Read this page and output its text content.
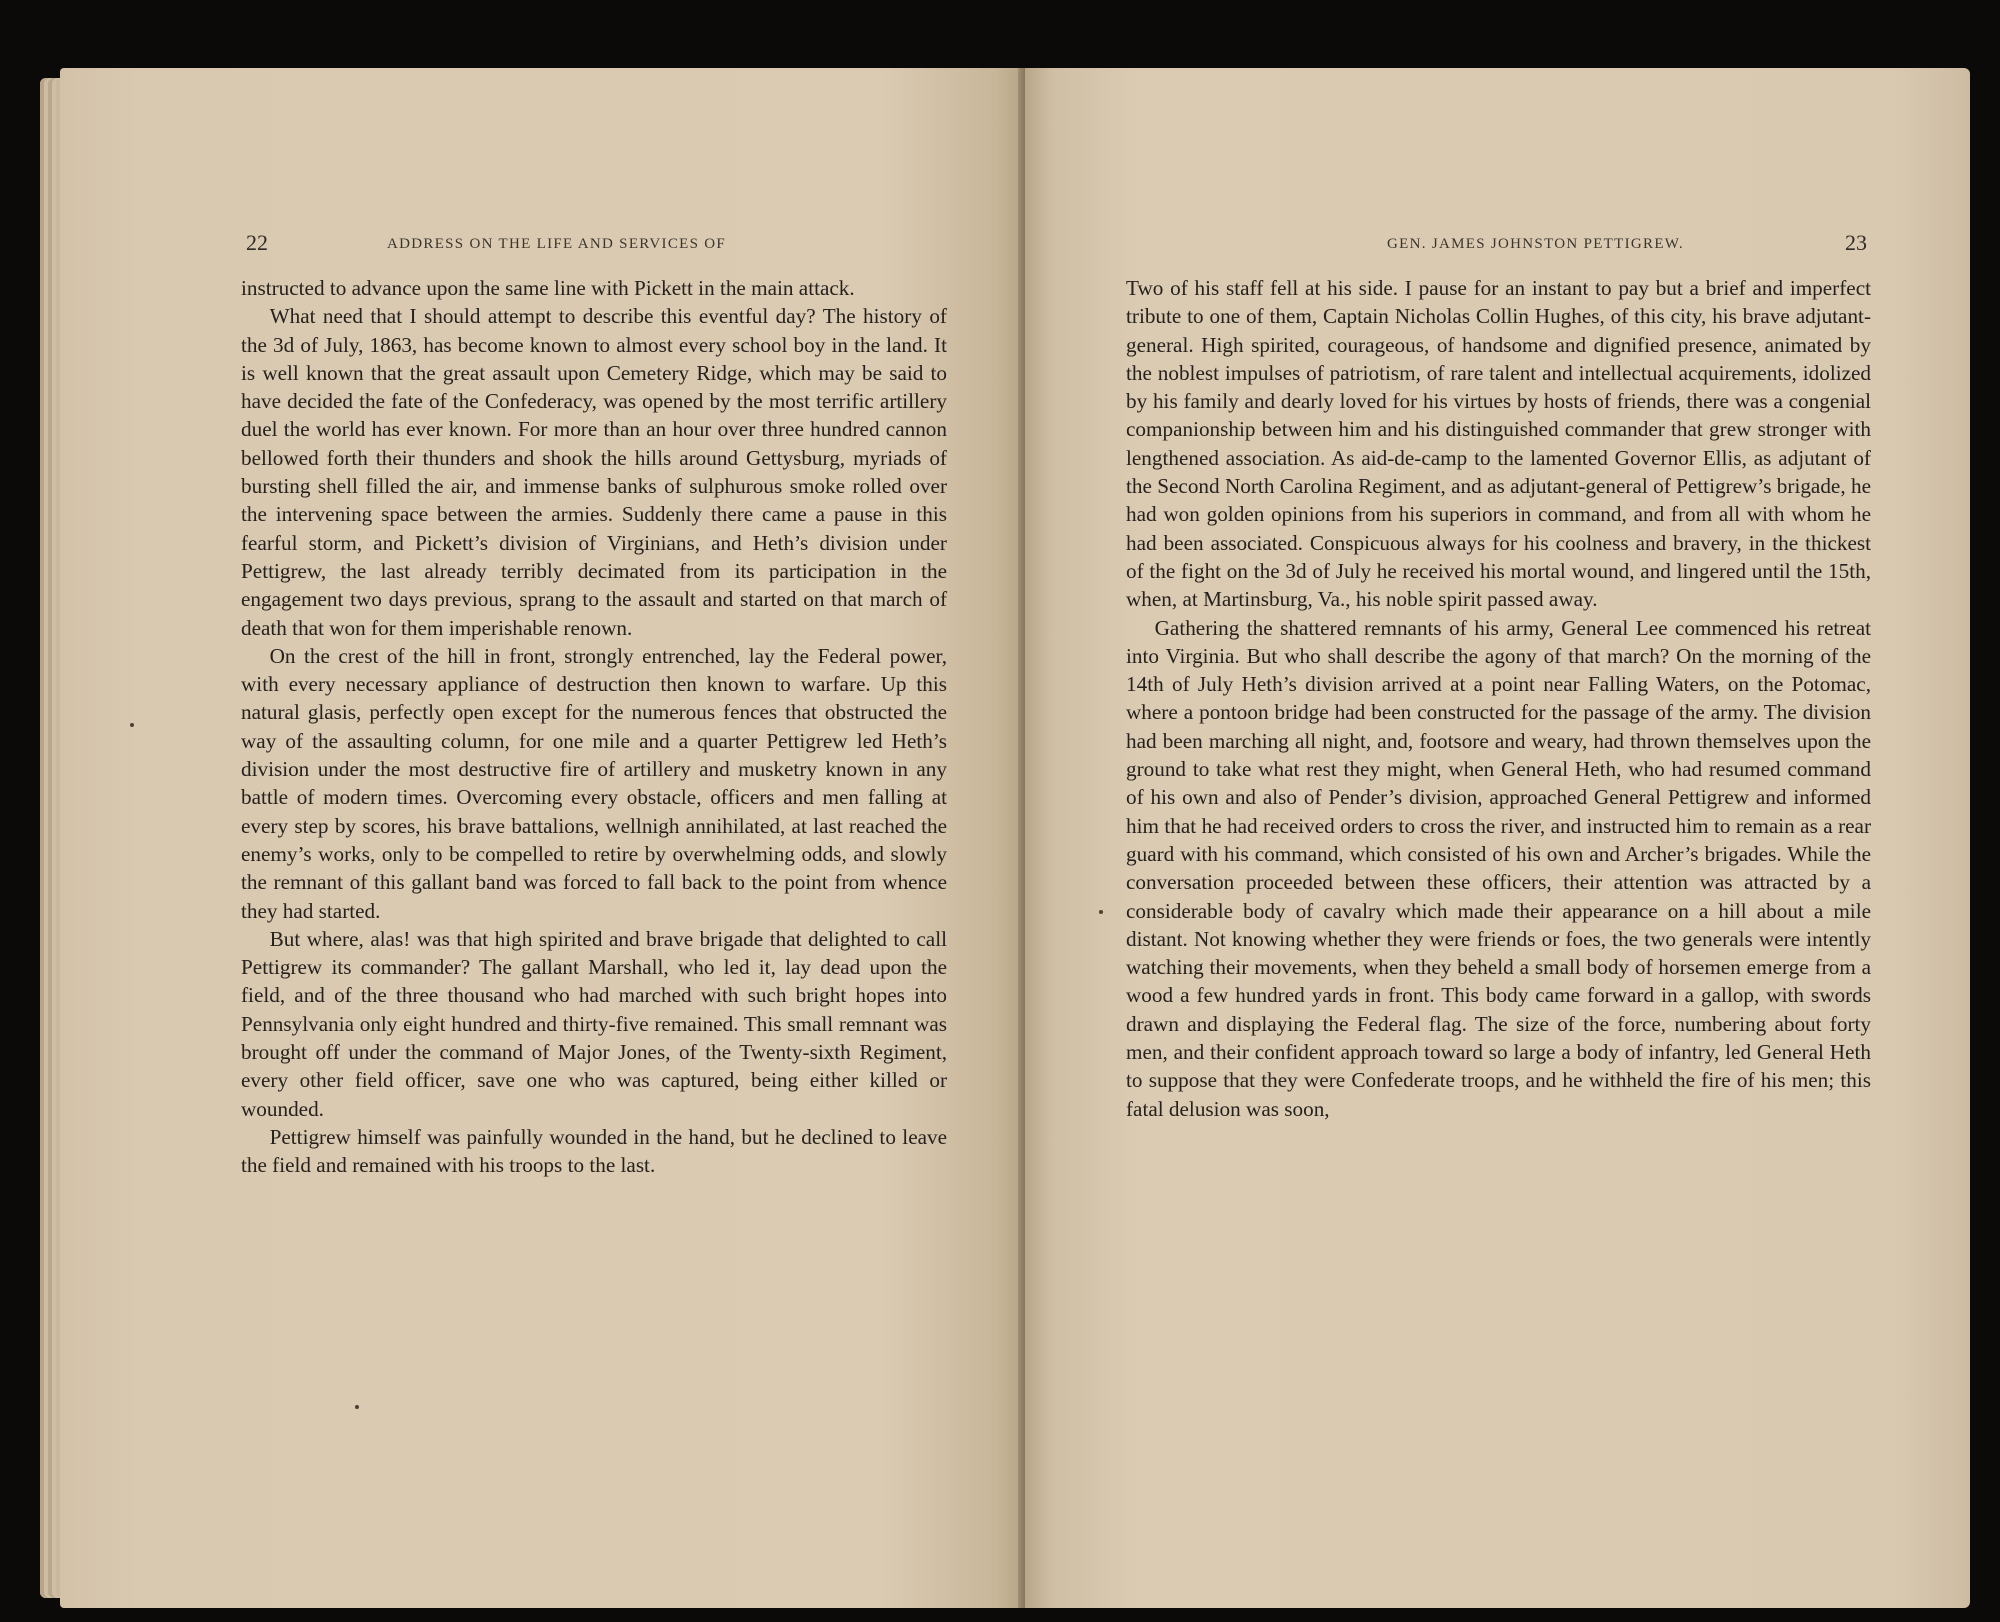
22	ADDRESS ON THE LIFE AND SERVICES OF

instructed to advance upon the same line with Pickett in the main attack.

What need that I should attempt to describe this eventful day? The history of the 3d of July, 1863, has become known to almost every school boy in the land. It is well known that the great assault upon Cemetery Ridge, which may be said to have decided the fate of the Confederacy, was opened by the most terrific artillery duel the world has ever known. For more than an hour over three hundred cannon bellowed forth their thunders and shook the hills around Gettysburg, myriads of bursting shell filled the air, and immense banks of sulphurous smoke rolled over the intervening space between the armies. Suddenly there came a pause in this fearful storm, and Pickett’s division of Virginians, and Heth’s division under Pettigrew, the last already terribly decimated from its participation in the engagement two days previous, sprang to the assault and started on that march of death that won for them imperishable renown.

On the crest of the hill in front, strongly entrenched, lay the Federal power, with every necessary appliance of destruction then known to warfare. Up this natural glasis, perfectly open except for the numerous fences that obstructed the way of the assaulting column, for one mile and a quarter Pettigrew led Heth’s division under the most destructive fire of artillery and musketry known in any battle of modern times. Overcoming every obstacle, officers and men falling at every step by scores, his brave battalions, wellnigh annihilated, at last reached the enemy’s works, only to be compelled to retire by overwhelming odds, and slowly the remnant of this gallant band was forced to fall back to the point from whence they had started.

But where, alas! was that high spirited and brave brigade that delighted to call Pettigrew its commander? The gallant Marshall, who led it, lay dead upon the field, and of the three thousand who had marched with such bright hopes into Pennsylvania only eight hundred and thirty-five remained. This small remnant was brought off under the command of Major Jones, of the Twenty-sixth Regiment, every other field officer, save one who was captured, being either killed or wounded.

Pettigrew himself was painfully wounded in the hand, but he declined to leave the field and remained with his troops to the last.

GEN. JAMES JOHNSTON PETTIGREW.	23

Two of his staff fell at his side. I pause for an instant to pay but a brief and imperfect tribute to one of them, Captain Nicholas Collin Hughes, of this city, his brave adjutant-general. High spirited, courageous, of handsome and dignified presence, animated by the noblest impulses of patriotism, of rare talent and intellectual acquirements, idolized by his family and dearly loved for his virtues by hosts of friends, there was a congenial companionship between him and his distinguished commander that grew stronger with lengthened association. As aid-de-camp to the lamented Governor Ellis, as adjutant of the Second North Carolina Regiment, and as adjutant-general of Pettigrew’s brigade, he had won golden opinions from his superiors in command, and from all with whom he had been associated. Conspicuous always for his coolness and bravery, in the thickest of the fight on the 3d of July he received his mortal wound, and lingered until the 15th, when, at Martinsburg, Va., his noble spirit passed away.

Gathering the shattered remnants of his army, General Lee commenced his retreat into Virginia. But who shall describe the agony of that march? On the morning of the 14th of July Heth’s division arrived at a point near Falling Waters, on the Potomac, where a pontoon bridge had been constructed for the passage of the army. The division had been marching all night, and, footsore and weary, had thrown themselves upon the ground to take what rest they might, when General Heth, who had resumed command of his own and also of Pender’s division, approached General Pettigrew and informed him that he had received orders to cross the river, and instructed him to remain as a rear guard with his command, which consisted of his own and Archer’s brigades. While the conversation proceeded between these officers, their attention was attracted by a considerable body of cavalry which made their appearance on a hill about a mile distant. Not knowing whether they were friends or foes, the two generals were intently watching their movements, when they beheld a small body of horsemen emerge from a wood a few hundred yards in front. This body came forward in a gallop, with swords drawn and displaying the Federal flag. The size of the force, numbering about forty men, and their confident approach toward so large a body of infantry, led General Heth to suppose that they were Confederate troops, and he withheld the fire of his men; this fatal delusion was soon,
